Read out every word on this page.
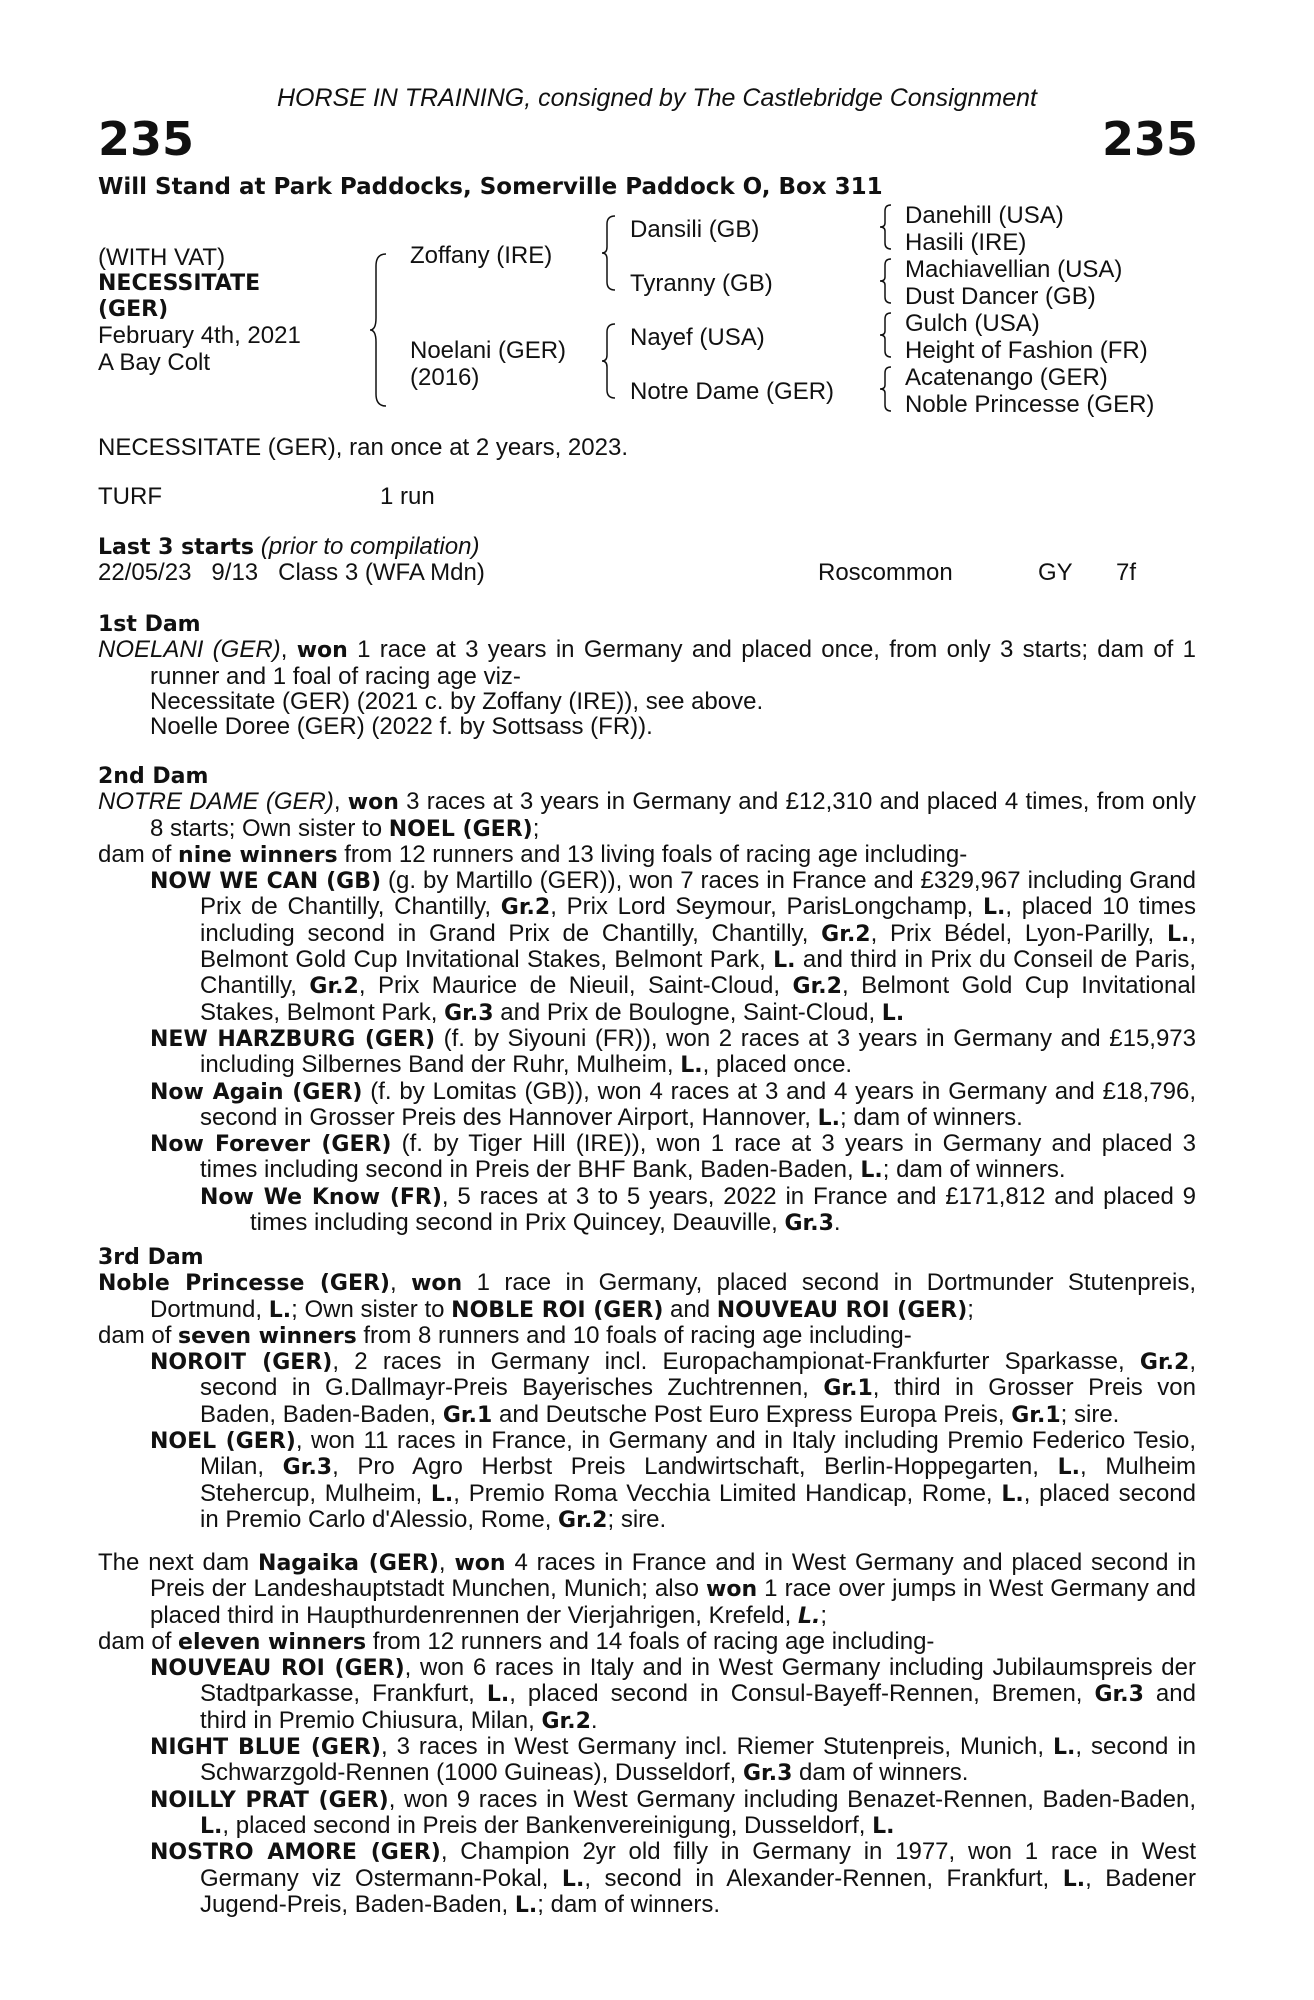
HORSE IN TRAINING, consigned by The Castlebridge Consignment
235	235
Will Stand at Park Paddocks, Somerville Paddock O, Box 311
(WITH VAT)
NECESSITATE
(GER)
February 4th, 2021
A Bay Colt
Zoffany (IRE)
Noelani (GER)
(2016)
Dansili (GB)
Tyranny (GB)
Nayef (USA)
Notre Dame (GER)
Danehill (USA)
Hasili (IRE)
Machiavellian (USA)
Dust Dancer (GB)
Gulch (USA)
Height of Fashion (FR)
Acatenango (GER)
Noble Princesse (GER)
NECESSITATE (GER), ran once at 2 years, 2023.
TURF	1 run
Last 3 starts (prior to compilation)
22/05/23   9/13   Class 3 (WFA Mdn)	Roscommon	GY 7f

1st Dam

NOELANI (GER), won 1 race at 3 years in Germany and placed once, from only 3 starts; dam of 1 runner and 1 foal of racing age viz-

Necessitate (GER) (2021 c. by Zoffany (IRE)), see above.

Noelle Doree (GER) (2022 f. by Sottsass (FR)).

2nd Dam

NOTRE DAME (GER), won 3 races at 3 years in Germany and £12,310 and placed 4 times, from only 8 starts; Own sister to NOEL (GER);

dam of nine winners from 12 runners and 13 living foals of racing age including-

NOW WE CAN (GB) (g. by Martillo (GER)), won 7 races in France and £329,967 including Grand Prix de Chantilly, Chantilly, Gr.2, Prix Lord Seymour, ParisLongchamp, L., placed 10 times including second in Grand Prix de Chantilly, Chantilly, Gr.2, Prix Bédel, Lyon-Parilly, L., Belmont Gold Cup Invitational Stakes, Belmont Park, L. and third in Prix du Conseil de Paris, Chantilly, Gr.2, Prix Maurice de Nieuil, Saint-Cloud, Gr.2, Belmont Gold Cup Invitational Stakes, Belmont Park, Gr.3 and Prix de Boulogne, Saint-Cloud, L.

NEW HARZBURG (GER) (f. by Siyouni (FR)), won 2 races at 3 years in Germany and £15,973 including Silbernes Band der Ruhr, Mulheim, L., placed once.

Now Again (GER) (f. by Lomitas (GB)), won 4 races at 3 and 4 years in Germany and £18,796, second in Grosser Preis des Hannover Airport, Hannover, L.; dam of winners.

Now Forever (GER) (f. by Tiger Hill (IRE)), won 1 race at 3 years in Germany and placed 3 times including second in Preis der BHF Bank, Baden-Baden, L.; dam of winners.

Now We Know (FR), 5 races at 3 to 5 years, 2022 in France and £171,812 and placed 9 times including second in Prix Quincey, Deauville, Gr.3.

3rd Dam

Noble Princesse (GER), won 1 race in Germany, placed second in Dortmunder Stutenpreis, Dortmund, L.; Own sister to NOBLE ROI (GER) and NOUVEAU ROI (GER);

dam of seven winners from 8 runners and 10 foals of racing age including-

NOROIT (GER), 2 races in Germany incl. Europachampionat-Frankfurter Sparkasse, Gr.2, second in G.Dallmayr-Preis Bayerisches Zuchtrennen, Gr.1, third in Grosser Preis von Baden, Baden-Baden, Gr.1 and Deutsche Post Euro Express Europa Preis, Gr.1; sire.

NOEL (GER), won 11 races in France, in Germany and in Italy including Premio Federico Tesio, Milan, Gr.3, Pro Agro Herbst Preis Landwirtschaft, Berlin-Hoppegarten, L., Mulheim Stehercup, Mulheim, L., Premio Roma Vecchia Limited Handicap, Rome, L., placed second in Premio Carlo d'Alessio, Rome, Gr.2; sire.

The next dam Nagaika (GER), won 4 races in France and in West Germany and placed second in Preis der Landeshauptstadt Munchen, Munich; also won 1 race over jumps in West Germany and placed third in Haupthurdenrennen der Vierjahrigen, Krefeld, L.;

dam of eleven winners from 12 runners and 14 foals of racing age including-

NOUVEAU ROI (GER), won 6 races in Italy and in West Germany including Jubilaumspreis der Stadtparkasse, Frankfurt, L., placed second in Consul-Bayeff-Rennen, Bremen, Gr.3 and third in Premio Chiusura, Milan, Gr.2.

NIGHT BLUE (GER), 3 races in West Germany incl. Riemer Stutenpreis, Munich, L., second in Schwarzgold-Rennen (1000 Guineas), Dusseldorf, Gr.3 dam of winners.

NOILLY PRAT (GER), won 9 races in West Germany including Benazet-Rennen, Baden-Baden, L., placed second in Preis der Bankenvereinigung, Dusseldorf, L.

NOSTRO AMORE (GER), Champion 2yr old filly in Germany in 1977, won 1 race in West Germany viz Ostermann-Pokal, L., second in Alexander-Rennen, Frankfurt, L., Badener Jugend-Preis, Baden-Baden, L.; dam of winners.
